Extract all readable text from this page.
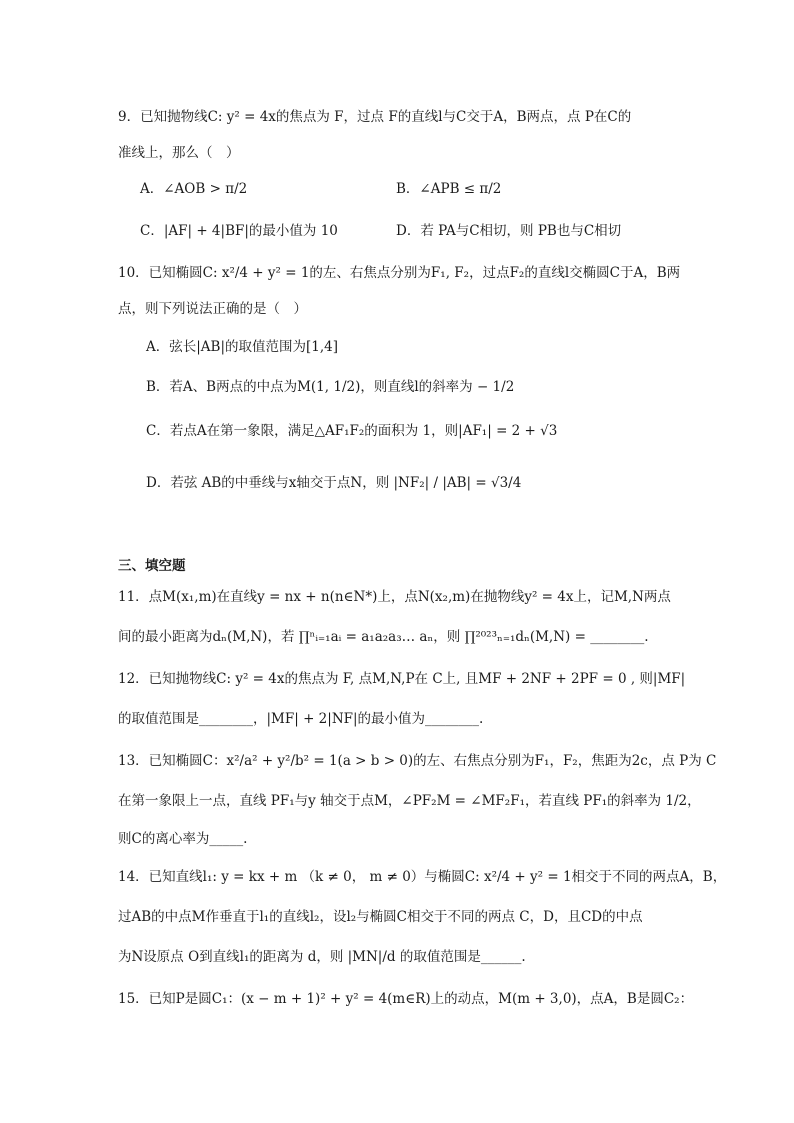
9．已知抛物线C: y² = 4x的焦点为 F，过点 F的直线l与C交于A，B两点，点 P在C的
准线上，那么（　）
A．∠AOB > π/2	B．∠APB ≤ π/2
C．|AF| + 4|BF|的最小值为 10	D．若 PA与C相切，则 PB也与C相切
10．已知椭圆C: x²/4 + y² = 1的左、右焦点分别为F₁, F₂，过点F₂的直线l交椭圆C于A，B两
点，则下列说法正确的是（　）
A．弦长|AB|的取值范围为[1,4]
B．若A、B两点的中点为M(1, 1/2)，则直线l的斜率为 − 1/2
C．若点A在第一象限，满足△AF₁F₂的面积为 1，则|AF₁| = 2 + √3
D．若弦 AB的中垂线与x轴交于点N，则 |NF₂| / |AB| = √3/4
三、填空题
11．点M(x₁,m)在直线y = nx + n(n∈N*)上，点N(x₂,m)在抛物线y² = 4x上，记M,N两点
间的最小距离为dₙ(M,N)，若 ∏ⁿᵢ₌₁aᵢ = a₁a₂a₃… aₙ，则 ∏²⁰²³ₙ₌₁dₙ(M,N) = ________.
12．已知抛物线C: y² = 4x的焦点为 F, 点M,N,P在 C上, 且MF + 2NF + 2PF = 0 , 则|MF|
的取值范围是________，|MF| + 2|NF|的最小值为________.
13．已知椭圆C：x²/a² + y²/b² = 1(a > b > 0)的左、右焦点分别为F₁，F₂，焦距为2c，点 P为 C
在第一象限上一点，直线 PF₁与y 轴交于点M，∠PF₂M = ∠MF₂F₁，若直线 PF₁的斜率为 1/2，
则C的离心率为_____.
14．已知直线l₁: y = kx + m （k ≠ 0， m ≠ 0）与椭圆C: x²/4 + y² = 1相交于不同的两点A，B，
过AB的中点M作垂直于l₁的直线l₂，设l₂与椭圆C相交于不同的两点 C，D，且CD的中点
为N设原点 O到直线l₁的距离为 d，则 |MN|/d 的取值范围是______.
15．已知P是圆C₁：(x − m + 1)² + y² = 4(m∈R)上的动点，M(m + 3,0)，点A，B是圆C₂：
